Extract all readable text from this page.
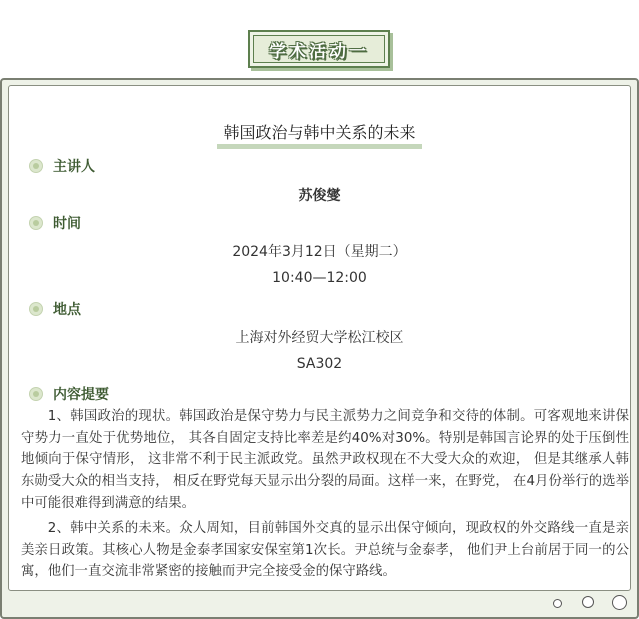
学术活动一
韩国政治与韩中关系的未来
主讲人
苏俊燮
时间
2024年3月12日（星期二）
10:40—12:00
地点
上海对外经贸大学松江校区
SA302
内容提要
1、韩国政治的现状。韩国政治是保守势力与民主派势力之间竞争和交待的体制。可客观地来讲保守势力一直处于优势地位， 其各自固定支持比率差是约40%对30%。特别是韩国言论界的处于压倒性地倾向于保守情形， 这非常不利于民主派政党。虽然尹政权现在不大受大众的欢迎， 但是其继承人韩东勋受大众的相当支持， 相反在野党每天显示出分裂的局面。这样一来，在野党， 在4月份举行的选举中可能很难得到满意的结果。
2、韩中关系的未来。众人周知，目前韩国外交真的显示出保守倾向，现政权的外交路线一直是亲美亲日政策。其核心人物是金泰孝国家安保室第1次长。尹总统与金泰孝， 他们尹上台前居于同一的公寓，他们一直交流非常紧密的接触而尹完全接受金的保守路线。
